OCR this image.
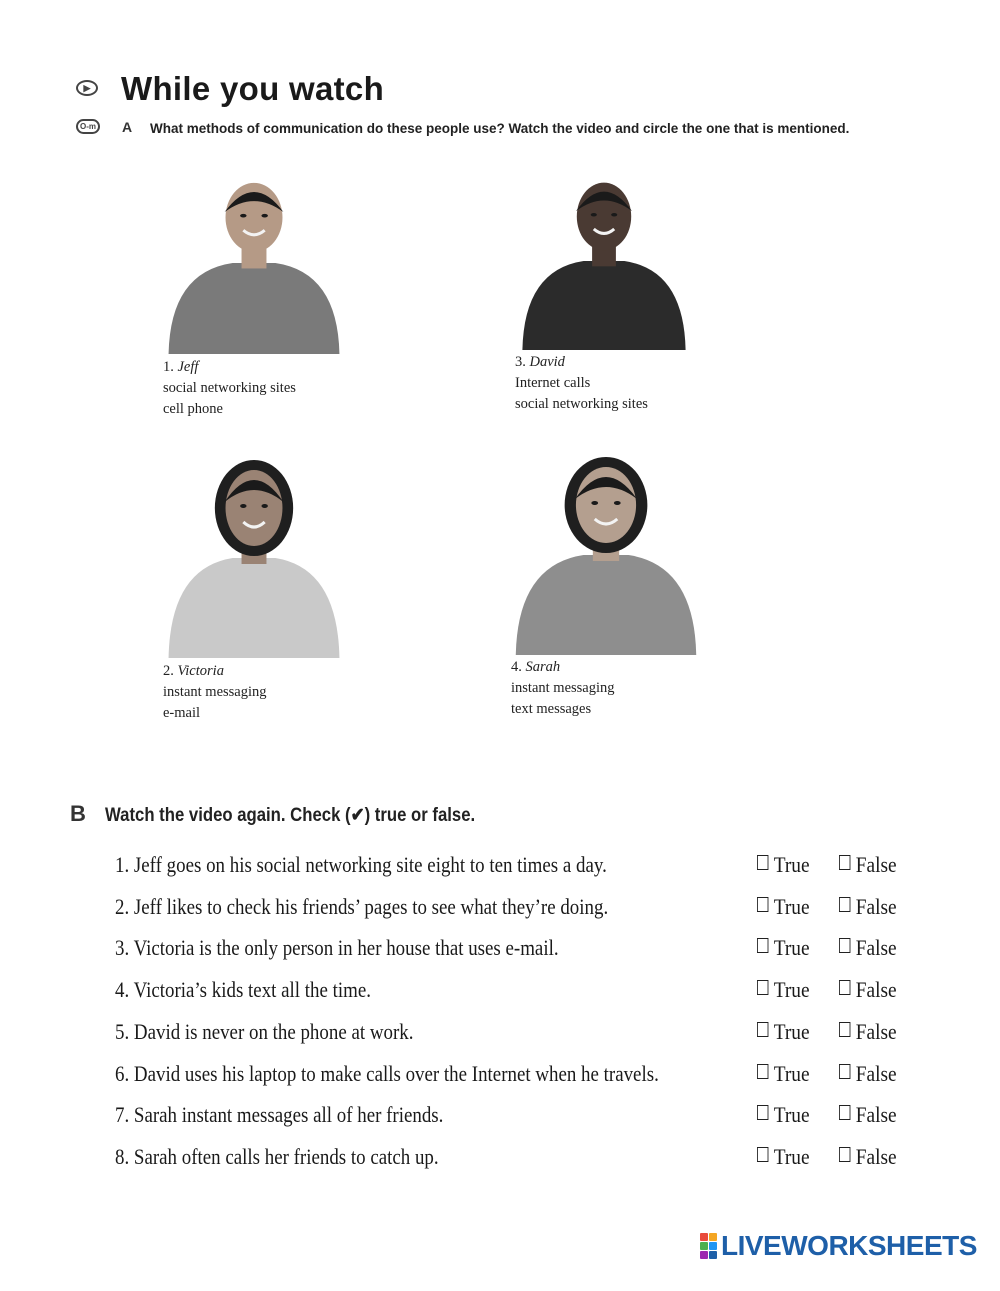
▶ While you watch
O-m A What methods of communication do these people use? Watch the video and circle the one that is mentioned.
1. Jeff
social networking sites
cell phone
3. David
Internet calls
social networking sites
2. Victoria
instant messaging
e-mail
4. Sarah
instant messaging
text messages
B Watch the video again. Check (✔) true or false.
1. Jeff goes on his social networking site eight to ten times a day.	True False
2. Jeff likes to check his friends’ pages to see what they’re doing.	True False
3. Victoria is the only person in her house that uses e-mail.	True False
4. Victoria’s kids text all the time.	True False
5. David is never on the phone at work.	True False
6. David uses his laptop to make calls over the Internet when he travels.	True False
7. Sarah instant messages all of her friends.	True False
8. Sarah often calls her friends to catch up.	True False
LIVEWORKSHEETS
